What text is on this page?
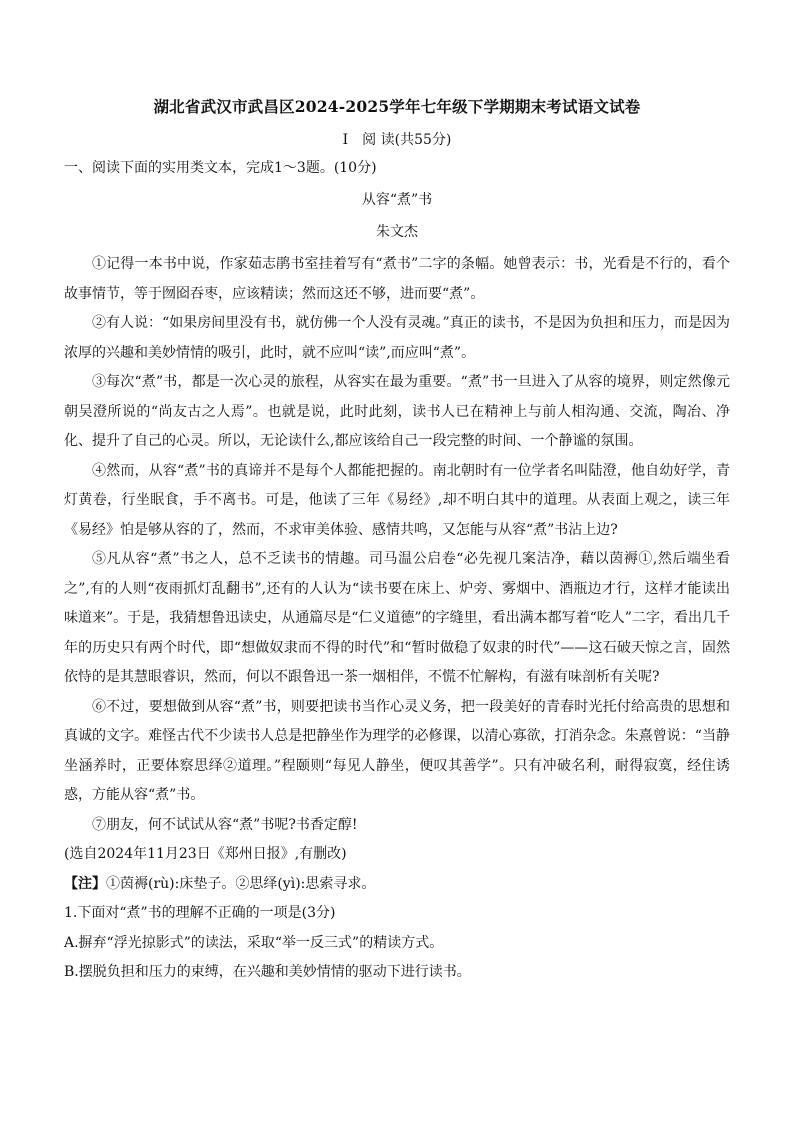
湖北省武汉市武昌区2024-2025学年七年级下学期期末考试语文试卷

I　阅 读(共55分)

一、阅读下面的实用类文本，完成1～3题。(10分)

从容“煮”书

朱文杰

①记得一本书中说，作家茹志鹃书室挂着写有“煮书”二字的条幅。她曾表示：书，光看是不行的，看个故事情节，等于囫囵吞枣，应该精读；然而这还不够，进而要“煮”。

②有人说：“如果房间里没有书，就仿佛一个人没有灵魂。”真正的读书，不是因为负担和压力，而是因为浓厚的兴趣和美妙情情的吸引，此时，就不应叫“读”,而应叫“煮”。

③每次“煮”书，都是一次心灵的旅程，从容实在最为重要。“煮”书一旦进入了从容的境界，则定然像元朝吴澄所说的“尚友古之人焉”。也就是说，此时此刻，读书人已在精神上与前人相沟通、交流，陶冶、净化、提升了自己的心灵。所以，无论读什么,都应该给自己一段完整的时间、一个静谧的氛围。

④然而，从容“煮”书的真谛并不是每个人都能把握的。南北朝时有一位学者名叫陆澄，他自幼好学，青灯黄卷，行坐眠食，手不离书。可是，他读了三年《易经》,却不明白其中的道理。从表面上观之，读三年《易经》怕是够从容的了，然而，不求审美体验、感情共鸣，又怎能与从容“煮”书沾上边?

⑤凡从容“煮”书之人，总不乏读书的情趣。司马温公启卷“必先视几案洁净，藉以茵褥①,然后端坐看之”,有的人则“夜雨抓灯乱翻书”,还有的人认为“读书要在床上、炉旁、雾烟中、酒瓶边才行，这样才能读出味道来”。于是，我猜想鲁迅读史，从通篇尽是“仁义道德”的字缝里，看出满本都写着“吃人”二字，看出几千年的历史只有两个时代，即“想做奴隶而不得的时代”和“暂时做稳了奴隶的时代”——这石破天惊之言，固然依恃的是其慧眼睿识，然而，何以不跟鲁迅一茶一烟相伴，不慌不忙解构，有滋有味剖析有关呢?

⑥不过，要想做到从容“煮”书，则要把读书当作心灵义务，把一段美好的青春时光托付给高贵的思想和真诚的文字。难怪古代不少读书人总是把静坐作为理学的必修课，以清心寡欲，打消杂念。朱熹曾说：“当静坐涵养时，正要体察思绎②道理。”程颐则“每见人静坐，便叹其善学”。只有冲破名利，耐得寂寞，经住诱惑，方能从容“煮”书。

⑦朋友，何不试试从容“煮”书呢?书香定醇!

(选自2024年11月23日《郑州日报》,有删改)

【注】①茵褥(rù):床垫子。②思绎(yì):思索寻求。

1.下面对“煮”书的理解不正确的一项是(3分)

A.摒弃“浮光掠影式”的读法，采取“举一反三式”的精读方式。

B.摆脱负担和压力的束缚，在兴趣和美妙情情的驱动下进行读书。
